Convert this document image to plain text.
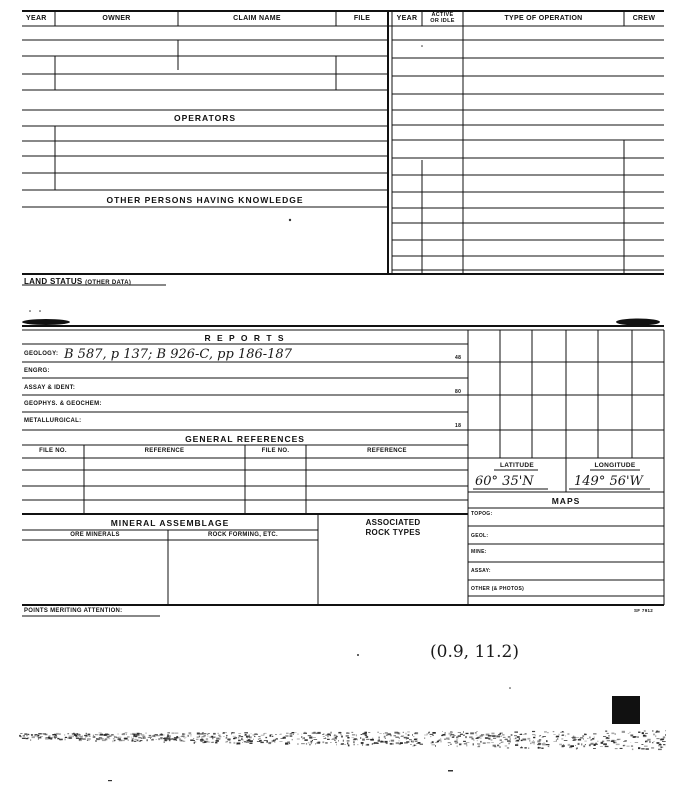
YEAR	OWNER	CLAIM NAME	FILE	YEAR	ACTIVE
OR IDLE	TYPE OF OPERATION	CREW
OPERATORS
OTHER PERSONS HAVING KNOWLEDGE
LAND STATUS (OTHER DATA)
R E P O R T S
GEOLOGY: B 587, p 137; B 926-C, pp 186-187	48
ENGRG:
ASSAY & IDENT:
80
GEOPHYS. & GEOCHEM:
METALLURGICAL:
18
GENERAL REFERENCES
FILE NO.	REFERENCE	FILE NO.	REFERENCE
MINERAL ASSEMBLAGE
ORE MINERALS	ROCK FORMING, ETC.
ASSOCIATED
ROCK TYPES
LATITUDE	LONGITUDE
60° 35'N	149° 56'W
MAPS
TOPOG:
GEOL:
MINE:
ASSAY:
OTHER (& PHOTOS)
POINTS MERITING ATTENTION:	SF 7912
(0.9, 11.2)
